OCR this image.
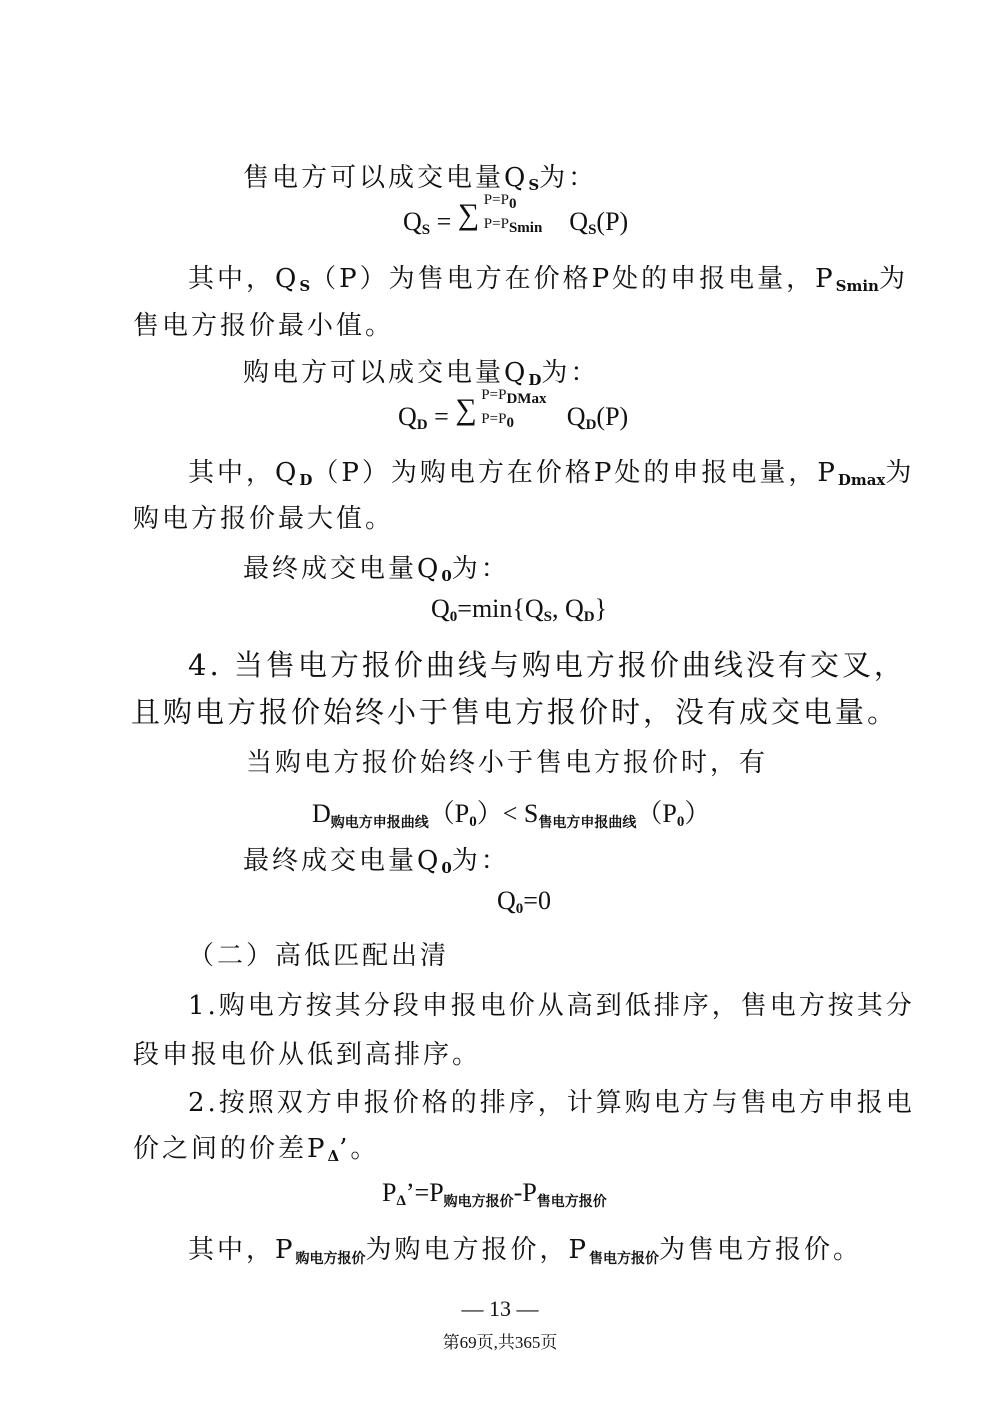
售电方可以成交电量$Q_S$为：
$Q_S$ = ∑ $P=P_0$
$P=P_{Smin}$ $Q_S(P)$
其中，$Q_S(P)$为售电方在价格P处的申报电量，$P_{Smin}$为
售电方报价最小值。
购电方可以成交电量$Q_D$为：
$Q_D$ = ∑ $P=P_{DMax}$
$P=P_0$ $Q_D(P)$
其中，$Q_D(P)$为购电方在价格P处的申报电量，$P_{Dmax}$为
购电方报价最大值。
最终成交电量$Q_0$为：
$Q_0=\min\{Q_S$, $Q_D$}
4. 当售电方报价曲线与购电方报价曲线没有交叉，
且购电方报价始终小于售电方报价时，没有成交电量。
当购电方报价始终小于售电方报价时，有
D购电方申报曲线$(P_0)< S$售电方申报曲线$(P_0)$
最终成交电量$Q_0$为：
$Q_0=0$
（二）高低匹配出清
1.购电方按其分段申报电价从高到低排序，售电方按其分
段申报电价从低到高排序。
2.按照双方申报价格的排序，计算购电方与售电方申报电
价之间的价差$P_\Delta$’。
$P_\Delta’=P$购电方报价-P售电方报价
其中，P购电方报价为购电方报价，P售电方报价为售电方报价。
— 13 —
第69页,共365页
